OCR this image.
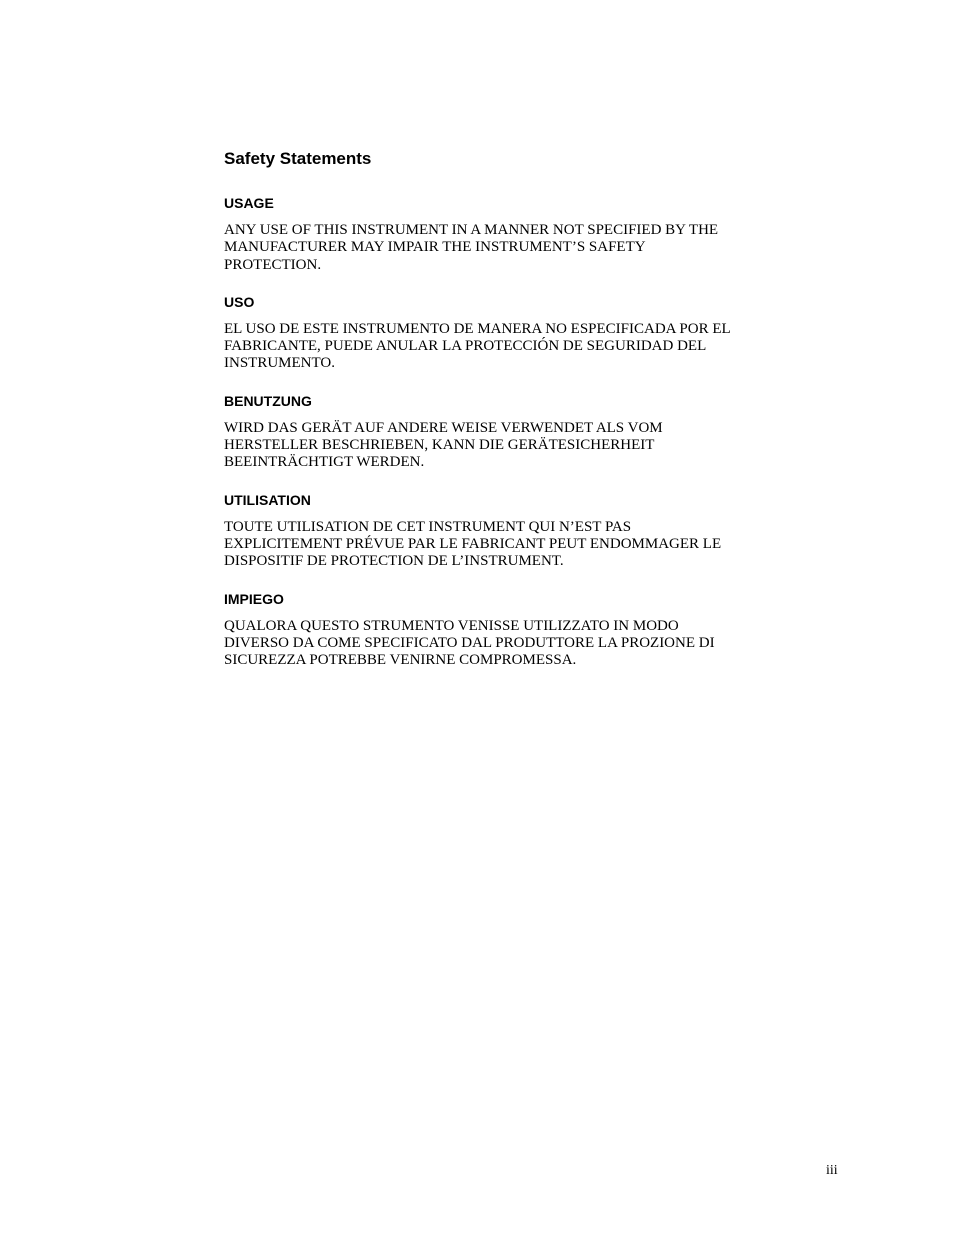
Safety Statements
USAGE

ANY USE OF THIS INSTRUMENT IN A MANNER NOT SPECIFIED BY THE
MANUFACTURER MAY IMPAIR THE INSTRUMENT’S SAFETY
PROTECTION.

USO

EL USO DE ESTE INSTRUMENTO DE MANERA NO ESPECIFICADA POR EL
FABRICANTE, PUEDE ANULAR LA PROTECCIÓN DE SEGURIDAD DEL
INSTRUMENTO.

BENUTZUNG

WIRD DAS GERÄT AUF ANDERE WEISE VERWENDET ALS VOM
HERSTELLER BESCHRIEBEN, KANN DIE GERÄTESICHERHEIT
BEEINTRÄCHTIGT WERDEN.

UTILISATION

TOUTE UTILISATION DE CET INSTRUMENT QUI N’EST PAS
EXPLICITEMENT PRÉVUE PAR LE FABRICANT PEUT ENDOMMAGER LE
DISPOSITIF DE PROTECTION DE L’INSTRUMENT.

IMPIEGO

QUALORA QUESTO STRUMENTO VENISSE UTILIZZATO IN MODO
DIVERSO DA COME SPECIFICATO DAL PRODUTTORE LA PROZIONE DI
SICUREZZA POTREBBE VENIRNE COMPROMESSA.

iii
